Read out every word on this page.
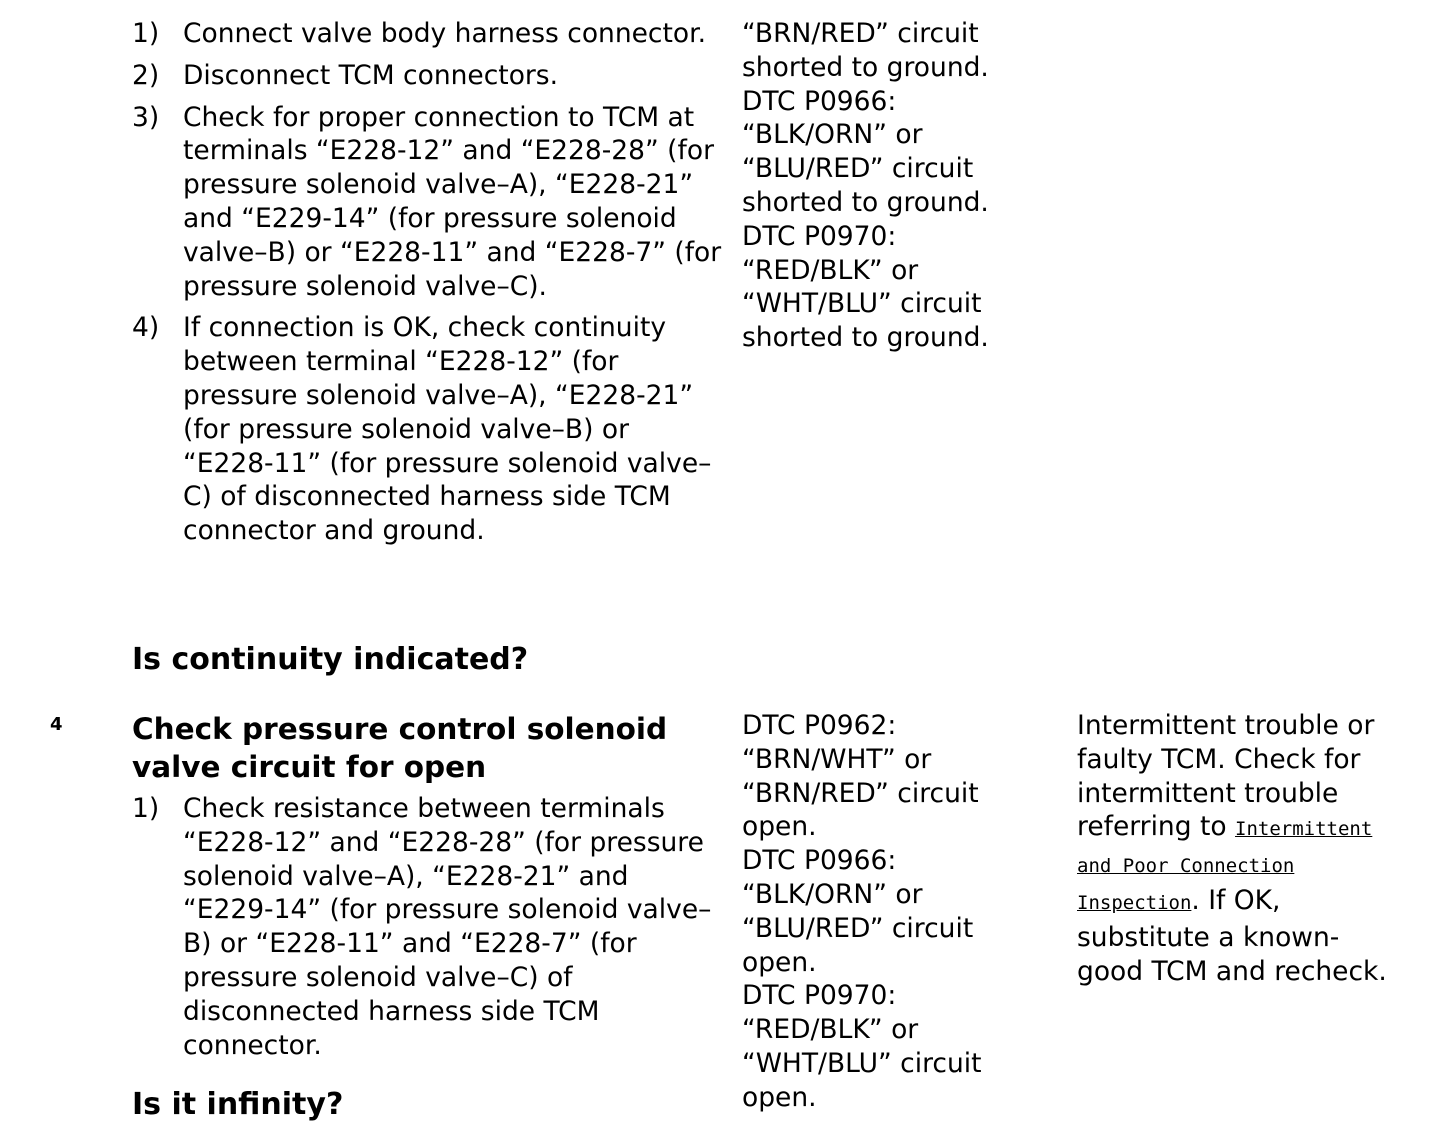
1) Connect valve body harness connector.
2) Disconnect TCM connectors.
3) Check for proper connection to TCM at terminals “E228-12” and “E228-28” (for pressure solenoid valve–A), “E228-21” and “E229-14” (for pressure solenoid valve–B) or “E228-11” and “E228-7” (for pressure solenoid valve–C).
4) If connection is OK, check continuity between terminal “E228-12” (for pressure solenoid valve–A), “E228-21” (for pressure solenoid valve–B) or “E228-11” (for pressure solenoid valve–C) of disconnected harness side TCM connector and ground.

Is continuity indicated?

“BRN/RED” circuit
shorted to ground.
DTC P0966:
“BLK/ORN” or
“BLU/RED” circuit
shorted to ground.
DTC P0970:
“RED/BLK” or
“WHT/BLU” circuit
shorted to ground.

4 Check pressure control solenoid valve circuit for open

1) Check resistance between terminals “E228-12” and “E228-28” (for pressure solenoid valve–A), “E228-21” and “E229-14” (for pressure solenoid valve–B) or “E228-11” and “E228-7” (for pressure solenoid valve–C) of disconnected harness side TCM connector.

Is it infinity?

DTC P0962:
“BRN/WHT” or
“BRN/RED” circuit
open.
DTC P0966:
“BLK/ORN” or
“BLU/RED” circuit
open.
DTC P0970:
“RED/BLK” or
“WHT/BLU” circuit
open.

Intermittent trouble or faulty TCM. Check for intermittent trouble referring to Intermittent and Poor Connection Inspection. If OK, substitute a known-good TCM and recheck.
